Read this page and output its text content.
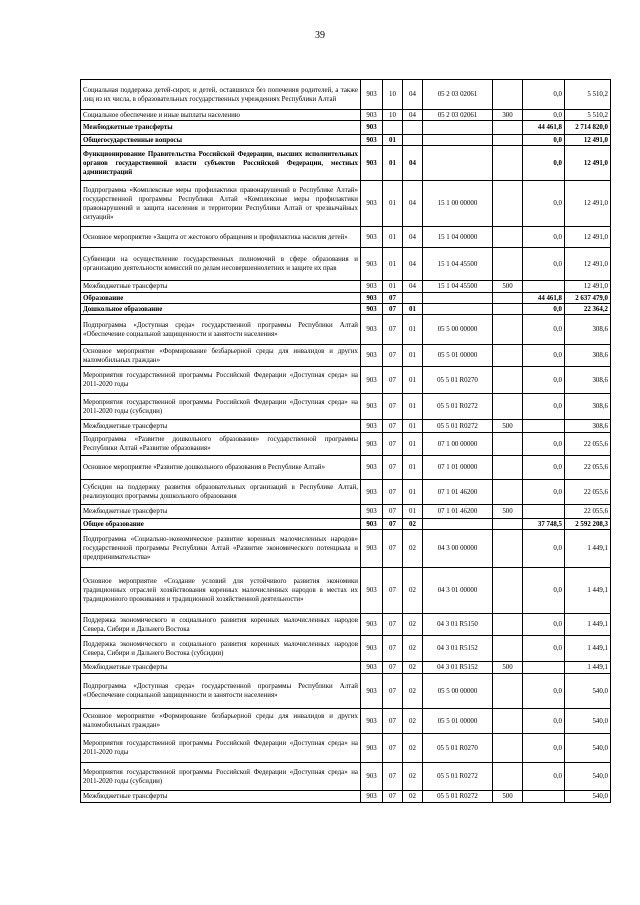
39
Социальная поддержка детей-сирот, и детей, оставшихся без попечения родителей, а также лиц из их числа, в образовательных государственных учреждениях Республики Алтай	903	10	04	05 2 03 02061		0,0	5 510,2
Социальное обеспечение и иные выплаты населению	903	10	04	05 2 03 02061	300	0,0	5 510,2
Межбюджетные трансферты	903					44 461,8	2 714 820,0
Общегосударственные вопросы	903	01				0,0	12 491,0
Функционирование Правительства Российской Федерации, высших исполнительных органов государственной власти субъектов Российской Федерации, местных администраций	903	01	04			0,0	12 491,0
Подпрограмма «Комплексные меры профилактики правонарушений в Республике Алтай» государственной программы Республики Алтай «Комплексные меры профилактики правонарушений и защита населения и территории Республики Алтай от чрезвычайных ситуаций»	903	01	04	15 1 00 00000		0,0	12 491,0
Основное мероприятие «Защита от жестокого обращения и профилактика насилия детей»	903	01	04	15 1 04 00000		0,0	12 491,0
Субвенции на осуществление государственных полномочий в сфере образования и организацию деятельности комиссий по делам несовершеннолетних и защите их прав	903	01	04	15 1 04 45500		0,0	12 491,0
Межбюджетные трансферты	903	01	04	15 1 04 45500	500		12 491,0
Образование	903	07				44 461,8	2 637 479,0
Дошкольное образование	903	07	01			0,0	22 364,2
Подпрограмма «Доступная среда» государственной программы Республики Алтай «Обеспечение социальной защищенности и занятости населения»	903	07	01	05 5 00 00000		0,0	308,6
Основное мероприятие «Формирование безбарьерной среды для инвалидов и других маломобильных граждан»	903	07	01	05 5 01 00000		0,0	308,6
Мероприятия государственной программы Российской Федерации «Доступная среда» на 2011-2020 годы	903	07	01	05 5 01 R0270		0,0	308,6
Мероприятия государственной программы Российской Федерации «Доступная среда» на 2011-2020 годы (субсидии)	903	07	01	05 5 01 R0272		0,0	308,6
Межбюджетные трансферты	903	07	01	05 5 01 R0272	500		308,6
Подпрограмма «Развитие дошкольного образования» государственной программы Республики Алтай «Развитие образования»	903	07	01	07 1 00 00000		0,0	22 055,6
Основное мероприятие «Развитие дошкольного образования в Республике Алтай»	903	07	01	07 1 01 00000		0,0	22 055,6
Субсидии на поддержку развития образовательных организаций в Республике Алтай, реализующих программы дошкольного образования	903	07	01	07 1 01 46200		0,0	22 055,6
Межбюджетные трансферты	903	07	01	07 1 01 46200	500		22 055,6
Общее образование	903	07	02			37 748,5	2 592 208,3
Подпрограмма «Социально-экономическое развитие коренных малочисленных народов» государственной программы Республики Алтай «Развитие экономического потенциала и предпринимательства»	903	07	02	04 3 00 00000		0,0	1 449,1
Основное мероприятие «Создание условий для устойчивого развития экономики традиционных отраслей хозяйствования коренных малочисленных народов в местах их традиционного проживания и традиционной хозяйственной деятельности»	903	07	02	04 3 01 00000		0,0	1 449,1
Поддержка экономического и социального развития коренных малочисленных народов Севера, Сибири и Дальнего Востока	903	07	02	04 3 01 R5150		0,0	1 449,1
Поддержка экономического и социального развития коренных малочисленных народов Севера, Сибири и Дальнего Востока (субсидии)	903	07	02	04 3 01 R5152		0,0	1 449,1
Межбюджетные трансферты	903	07	02	04 3 01 R5152	500		1 449,1
Подпрограмма «Доступная среда» государственной программы Республики Алтай «Обеспечение социальной защищенности и занятости населения»	903	07	02	05 5 00 00000		0,0	540,0
Основное мероприятие «Формирование безбарьерной среды для инвалидов и других маломобильных граждан»	903	07	02	05 5 01 00000		0,0	540,0
Мероприятия государственной программы Российской Федерации «Доступная среда» на 2011-2020 годы	903	07	02	05 5 01 R0270		0,0	540,0
Мероприятия государственной программы Российской Федерации «Доступная среда» на 2011-2020 годы (субсидии)	903	07	02	05 5 01 R0272		0,0	540,0
Межбюджетные трансферты	903	07	02	05 5 01 R0272	500		540,0
